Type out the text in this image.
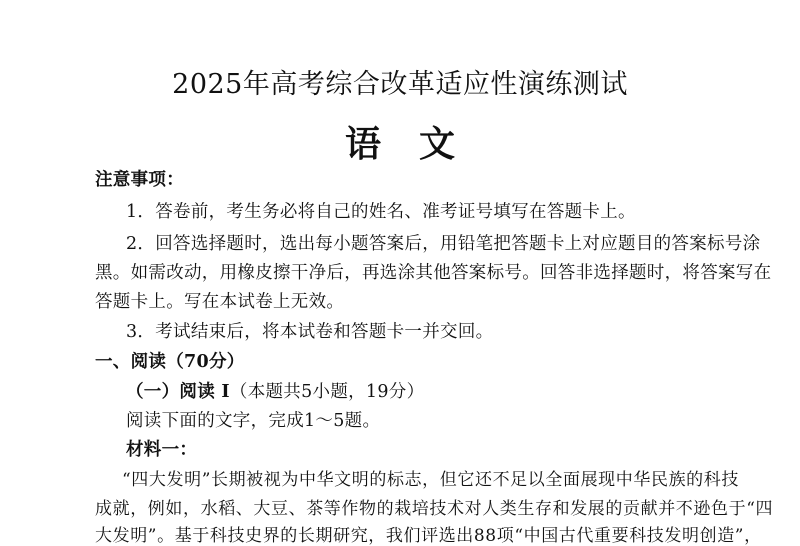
2025年高考综合改革适应性演练测试
语文
注意事项：
1．答卷前，考生务必将自己的姓名、准考证号填写在答题卡上。
2．回答选择题时，选出每小题答案后，用铅笔把答题卡上对应题目的答案标号涂
黑。如需改动，用橡皮擦干净后，再选涂其他答案标号。回答非选择题时，将答案写在
答题卡上。写在本试卷上无效。
3．考试结束后，将本试卷和答题卡一并交回。
一、阅读（70分）
（一）阅读 I（本题共5小题，19分）
阅读下面的文字，完成1～5题。
材料一：
“四大发明”长期被视为中华文明的标志，但它还不足以全面展现中华民族的科技
成就，例如，水稻、大豆、茶等作物的栽培技术对人类生存和发展的贡献并不逊色于“四
大发明”。基于科技史界的长期研究，我们评选出88项“中国古代重要科技发明创造”，
